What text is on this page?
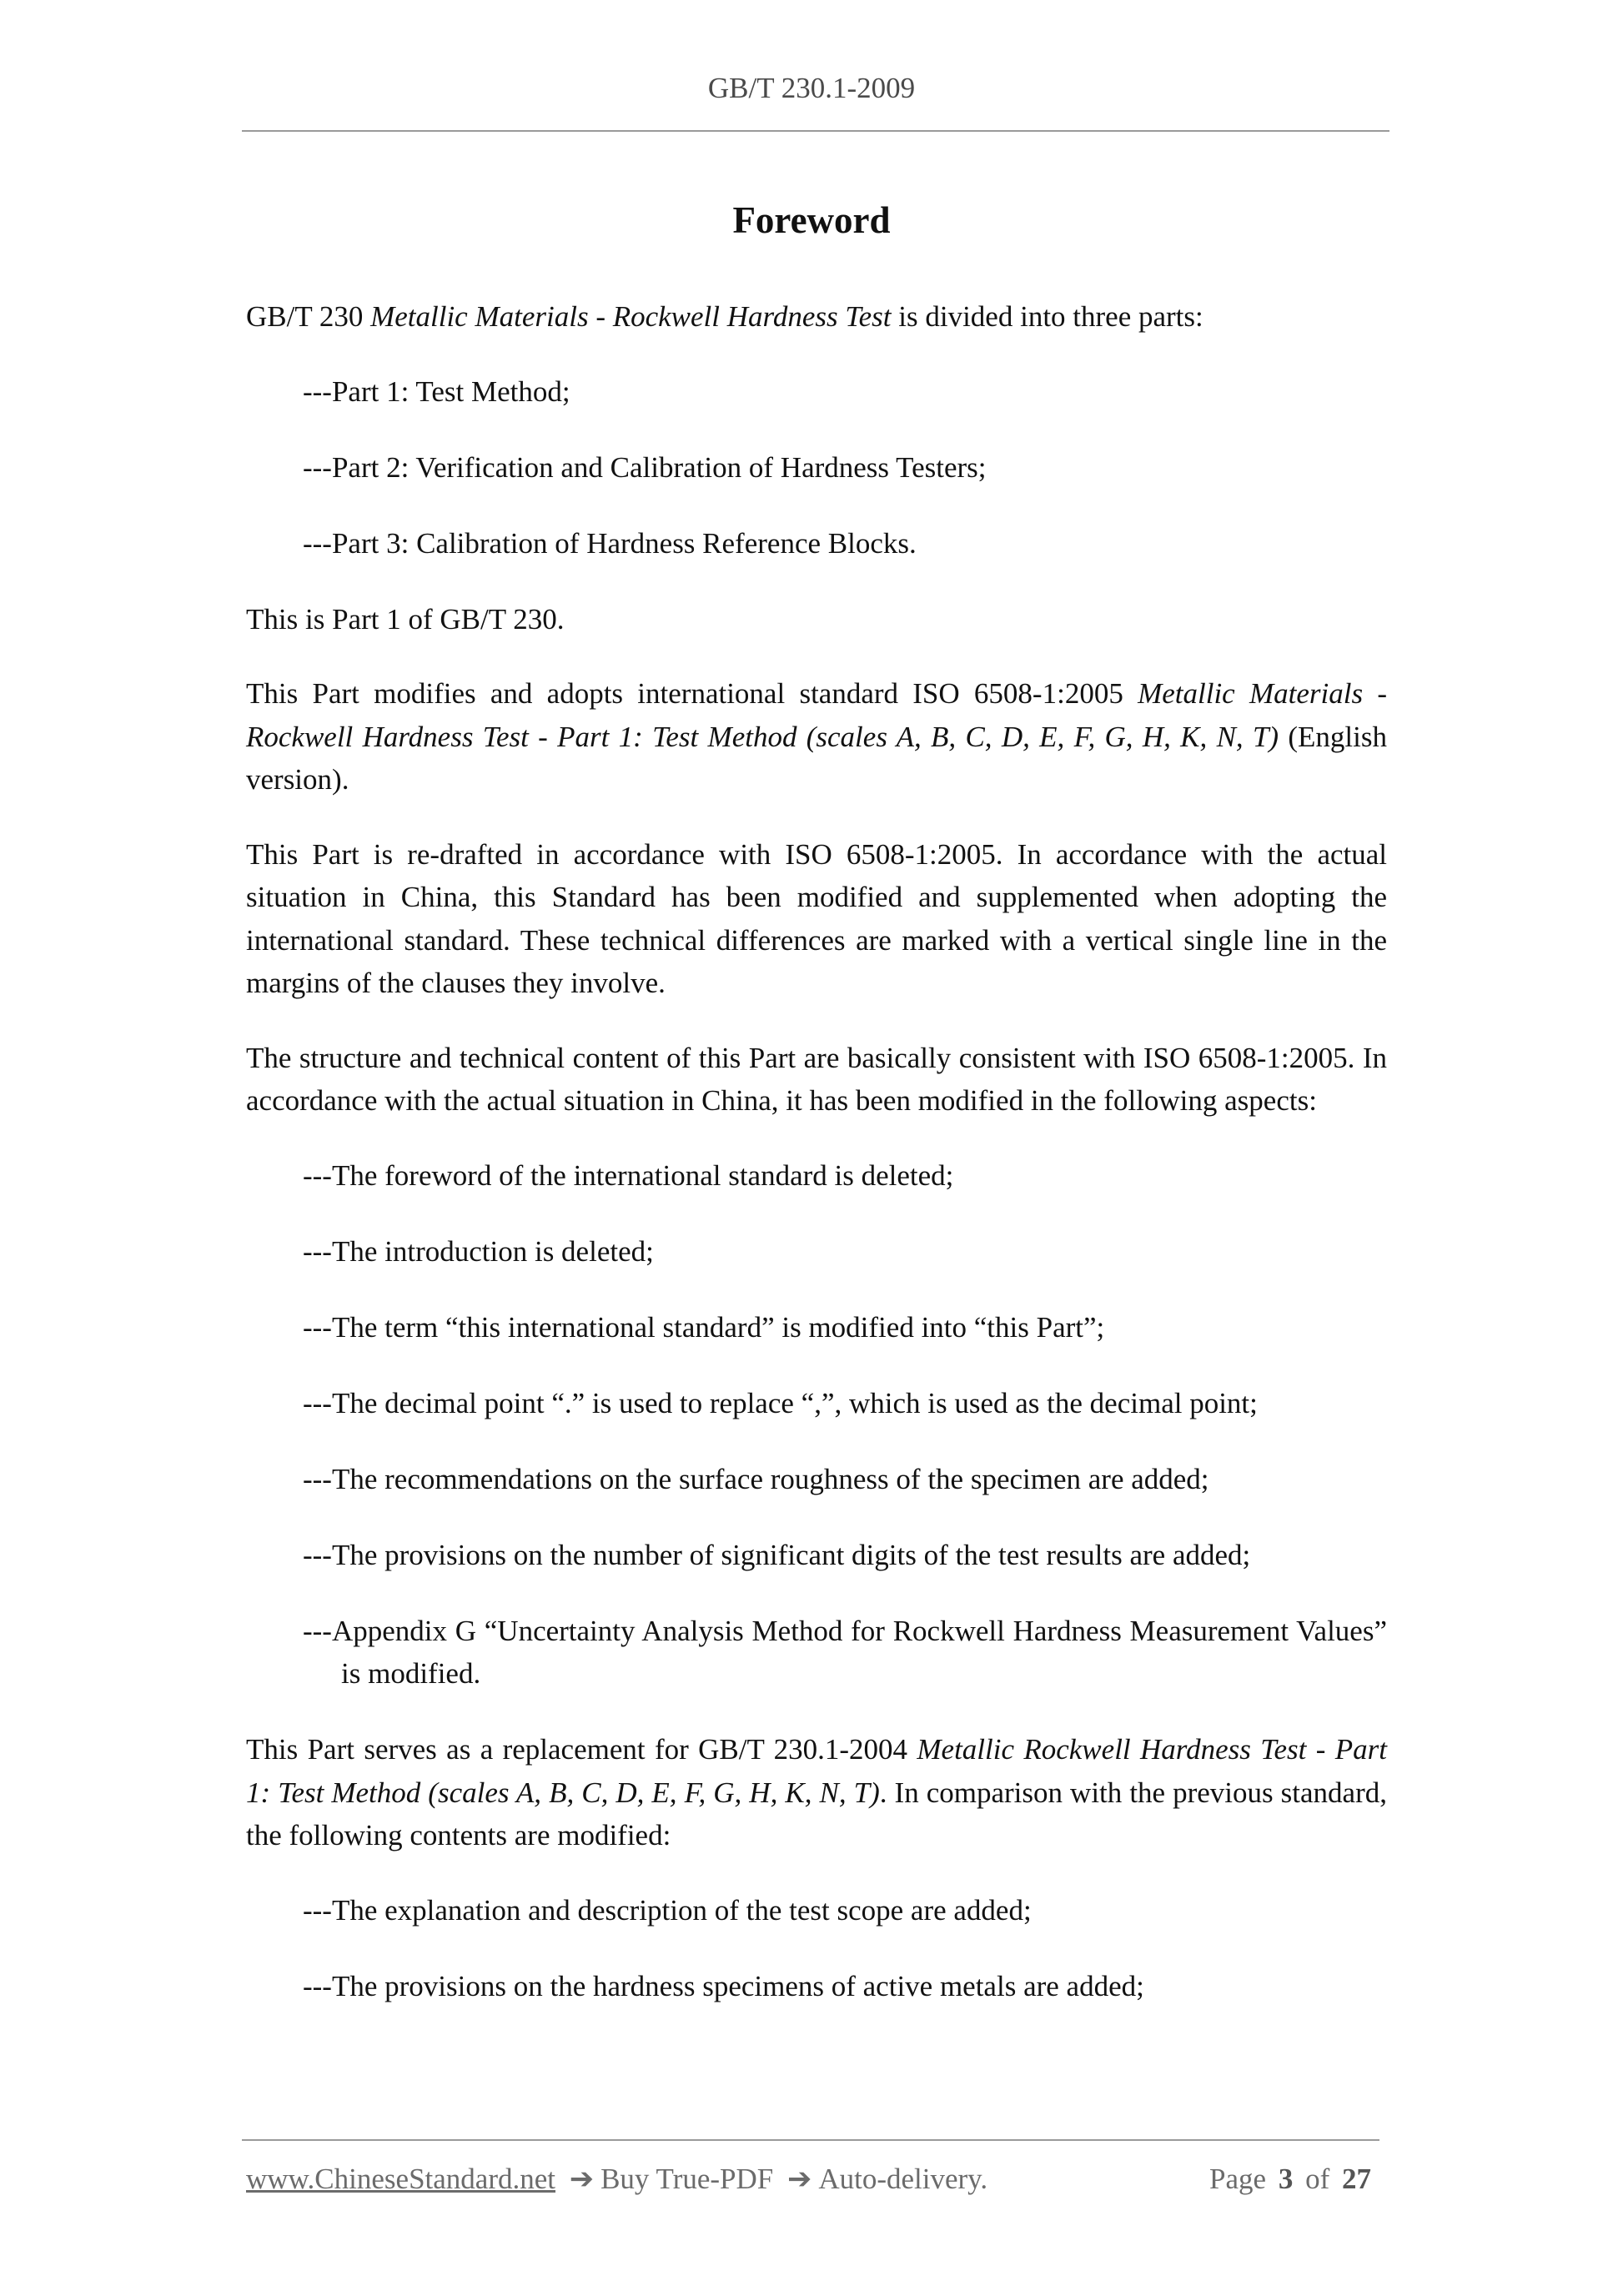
GB/T 230.1-2009
Foreword

GB/T 230 Metallic Materials - Rockwell Hardness Test is divided into three parts:

---Part 1: Test Method;

---Part 2: Verification and Calibration of Hardness Testers;

---Part 3: Calibration of Hardness Reference Blocks.

This is Part 1 of GB/T 230.

This Part modifies and adopts international standard ISO 6508-1:2005 Metallic Materials - Rockwell Hardness Test - Part 1: Test Method (scales A, B, C, D, E, F, G, H, K, N, T) (English version).

This Part is re-drafted in accordance with ISO 6508-1:2005. In accordance with the actual situation in China, this Standard has been modified and supplemented when adopting the international standard. These technical differences are marked with a vertical single line in the margins of the clauses they involve.

The structure and technical content of this Part are basically consistent with ISO 6508-1:2005. In accordance with the actual situation in China, it has been modified in the following aspects:

---The foreword of the international standard is deleted;

---The introduction is deleted;

---The term “this international standard” is modified into “this Part”;

---The decimal point “.” is used to replace “,”, which is used as the decimal point;

---The recommendations on the surface roughness of the specimen are added;

---The provisions on the number of significant digits of the test results are added;

---Appendix G “Uncertainty Analysis Method for Rockwell Hardness Measurement Values” is modified.

This Part serves as a replacement for GB/T 230.1-2004 Metallic Rockwell Hardness Test - Part 1: Test Method (scales A, B, C, D, E, F, G, H, K, N, T). In comparison with the previous standard, the following contents are modified:

---The explanation and description of the test scope are added;

---The provisions on the hardness specimens of active metals are added;

www.ChineseStandard.net ➔ Buy True-PDF ➔ Auto-delivery.	Page 3 of 27
